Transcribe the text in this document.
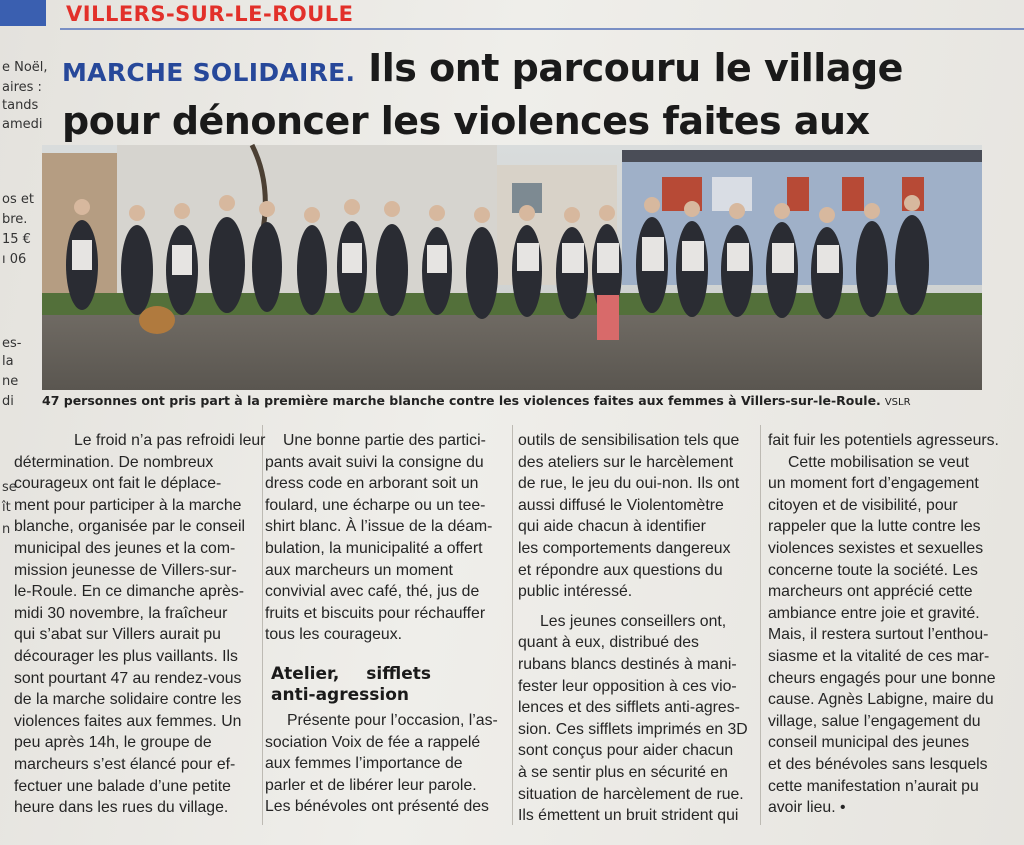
VILLERS-SUR-LE-ROULE
MARCHE SOLIDAIRE. Ils ont parcouru le village pour dénoncer les violences faites aux
e Noël,
aires :
tands
amedi
os et
bre.
15 €
ı 06
es-
la
ne
di
se
ît
n
47 personnes ont pris part à la première marche blanche contre les violences faites aux femmes à Villers-sur-le-Roule. VSLR
Le froid n’a pas refroidi leur
détermination. De nombreux
courageux ont fait le déplace-
ment pour participer à la marche
blanche, organisée par le conseil
municipal des jeunes et la com-
mission jeunesse de Villers-sur-
le-Roule. En ce dimanche après-
midi 30 novembre, la fraîcheur
qui s’abat sur Villers aurait pu
décourager les plus vaillants. Ils
sont pourtant 47 au rendez-vous
de la marche solidaire contre les
violences faites aux femmes. Un
peu après 14h, le groupe de
marcheurs s’est élancé pour ef-
fectuer une balade d’une petite
heure dans les rues du village.
Une bonne partie des partici-
pants avait suivi la consigne du
dress code en arborant soit un
foulard, une écharpe ou un tee-
shirt blanc. À l’issue de la déam-
bulation, la municipalité a offert
aux marcheurs un moment
convivial avec café, thé, jus de
fruits et biscuits pour réchauffer
tous les courageux.
Atelier, sifflets anti-agression
Présente pour l’occasion, l’as-
sociation Voix de fée a rappelé
aux femmes l’importance de
parler et de libérer leur parole.
Les bénévoles ont présenté des
outils de sensibilisation tels que
des ateliers sur le harcèlement
de rue, le jeu du oui-non. Ils ont
aussi diffusé le Violentomètre
qui aide chacun à identifier
les comportements dangereux
et répondre aux questions du
public intéressé.
Les jeunes conseillers ont,
quant à eux, distribué des
rubans blancs destinés à mani-
fester leur opposition à ces vio-
lences et des sifflets anti-agres-
sion. Ces sifflets imprimés en 3D
sont conçus pour aider chacun
à se sentir plus en sécurité en
situation de harcèlement de rue.
Ils émettent un bruit strident qui
fait fuir les potentiels agresseurs.
Cette mobilisation se veut
un moment fort d’engagement
citoyen et de visibilité, pour
rappeler que la lutte contre les
violences sexistes et sexuelles
concerne toute la société. Les
marcheurs ont apprécié cette
ambiance entre joie et gravité.
Mais, il restera surtout l’enthou-
siasme et la vitalité de ces mar-
cheurs engagés pour une bonne
cause. Agnès Labigne, maire du
village, salue l’engagement du
conseil municipal des jeunes
et des bénévoles sans lesquels
cette manifestation n’aurait pu
avoir lieu. •
